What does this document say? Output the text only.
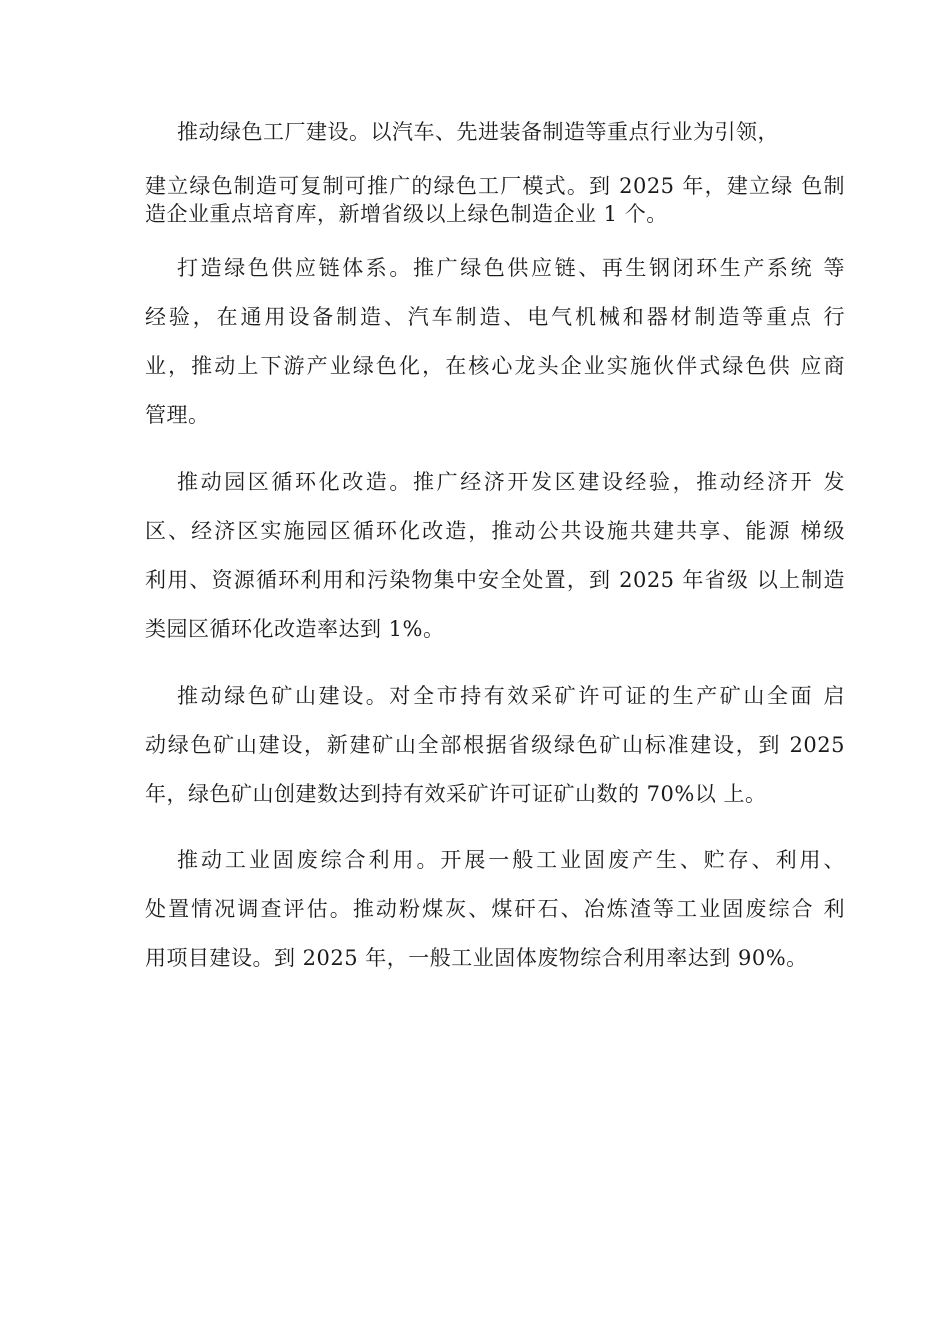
推动绿色工厂建设。以汽车、先进装备制造等重点行业为引领，
建立绿色制造可复制可推广的绿色工厂模式。到 2025 年，建立绿 色制
造企业重点培育库，新增省级以上绿色制造企业 1 个。
打造绿色供应链体系。推广绿色供应链、再生钢闭环生产系统 等
经验，在通用设备制造、汽车制造、电气机械和器材制造等重点 行
业，推动上下游产业绿色化，在核心龙头企业实施伙伴式绿色供 应商
管理。
推动园区循环化改造。推广经济开发区建设经验，推动经济开 发
区、经济区实施园区循环化改造，推动公共设施共建共享、能源 梯级
利用、资源循环利用和污染物集中安全处置，到 2025 年省级 以上制造
类园区循环化改造率达到 1%。
推动绿色矿山建设。对全市持有效采矿许可证的生产矿山全面 启
动绿色矿山建设，新建矿山全部根据省级绿色矿山标准建设，到 2025
年，绿色矿山创建数达到持有效采矿许可证矿山数的 70%以 上。
推动工业固废综合利用。开展一般工业固废产生、贮存、利用、
处置情况调查评估。推动粉煤灰、煤矸石、冶炼渣等工业固废综合 利
用项目建设。到 2025 年，一般工业固体废物综合利用率达到 90%。
